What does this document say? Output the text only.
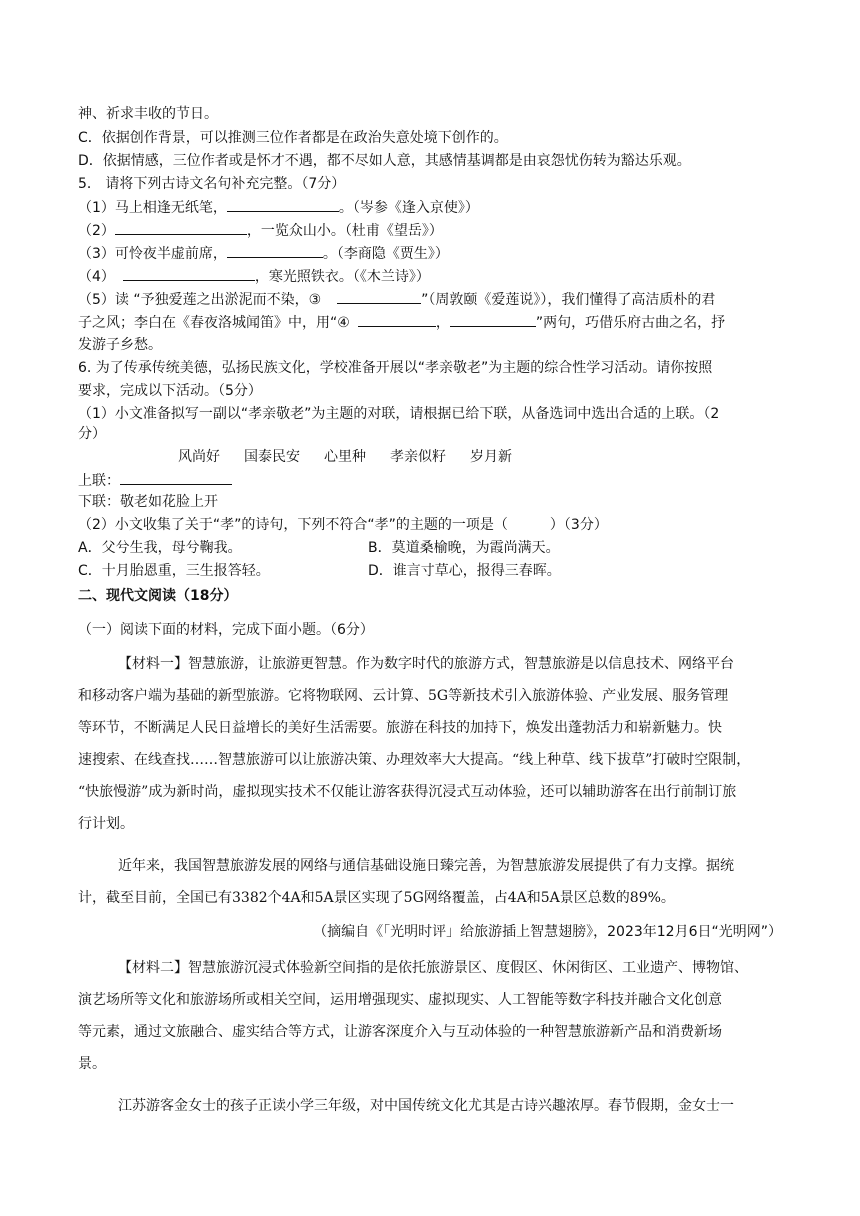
神、祈求丰收的节日。
C．依据创作背景，可以推测三位作者都是在政治失意处境下创作的。
D．依据情感，三位作者或是怀才不遇，都不尽如人意，其感情基调都是由哀怨忧伤转为豁达乐观。
5． 请将下列古诗文名句补充完整。（7分）
（1）马上相逢无纸笔，	。（岑参《逢入京使》）
（2）	，一览众山小。（杜甫《望岳》）
（3）可怜夜半虚前席，	。（李商隐《贾生》）
（4）	，寒光照铁衣。（《木兰诗》）
（5）读 “予独爱莲之出淤泥而不染，③	”（周敦颐《爱莲说》），我们懂得了高洁质朴的君
子之风；李白在《春夜洛城闻笛》中，用“④	，	”两句，巧借乐府古曲之名，抒
发游子乡愁。
6. 为了传承传统美德，弘扬民族文化，学校准备开展以“孝亲敬老”为主题的综合性学习活动。请你按照
要求，完成以下活动。（5分）
（1）小文准备拟写一副以“孝亲敬老”为主题的对联，请根据已给下联，从备选词中选出合适的上联。（2
分）
风尚好 国泰民安 心里种 孝亲似籽 岁月新
上联：
下联：敬老如花脸上开
（2）小文收集了关于“孝”的诗句，下列不符合“孝”的主题的一项是（	）（3分）
A．父兮生我，母兮鞠我。	B．莫道桑榆晚，为霞尚满天。
C．十月胎恩重，三生报答轻。	D．谁言寸草心，报得三春晖。
二、现代文阅读（18分）
（一）阅读下面的材料，完成下面小题。（6分）
【材料一】智慧旅游，让旅游更智慧。作为数字时代的旅游方式，智慧旅游是以信息技术、网络平台
和移动客户端为基础的新型旅游。它将物联网、云计算、5G等新技术引入旅游体验、产业发展、服务管理
等环节，不断满足人民日益增长的美好生活需要。旅游在科技的加持下，焕发出蓬勃活力和崭新魅力。快
速搜索、在线查找……智慧旅游可以让旅游决策、办理效率大大提高。“线上种草、线下拔草”打破时空限制，
“快旅慢游”成为新时尚，虚拟现实技术不仅能让游客获得沉浸式互动体验，还可以辅助游客在出行前制订旅
行计划。
近年来，我国智慧旅游发展的网络与通信基础设施日臻完善，为智慧旅游发展提供了有力支撑。据统
计，截至目前，全国已有3382个4A和5A景区实现了5G网络覆盖，占4A和5A景区总数的89%。
（摘编自《「光明时评」给旅游插上智慧翅膀》，2023年12月6日“光明网”）
【材料二】智慧旅游沉浸式体验新空间指的是依托旅游景区、度假区、休闲街区、工业遗产、博物馆、
演艺场所等文化和旅游场所或相关空间，运用增强现实、虚拟现实、人工智能等数字科技并融合文化创意
等元素，通过文旅融合、虚实结合等方式，让游客深度介入与互动体验的一种智慧旅游新产品和消费新场
景。
江苏游客金女士的孩子正读小学三年级，对中国传统文化尤其是古诗兴趣浓厚。春节假期，金女士一
